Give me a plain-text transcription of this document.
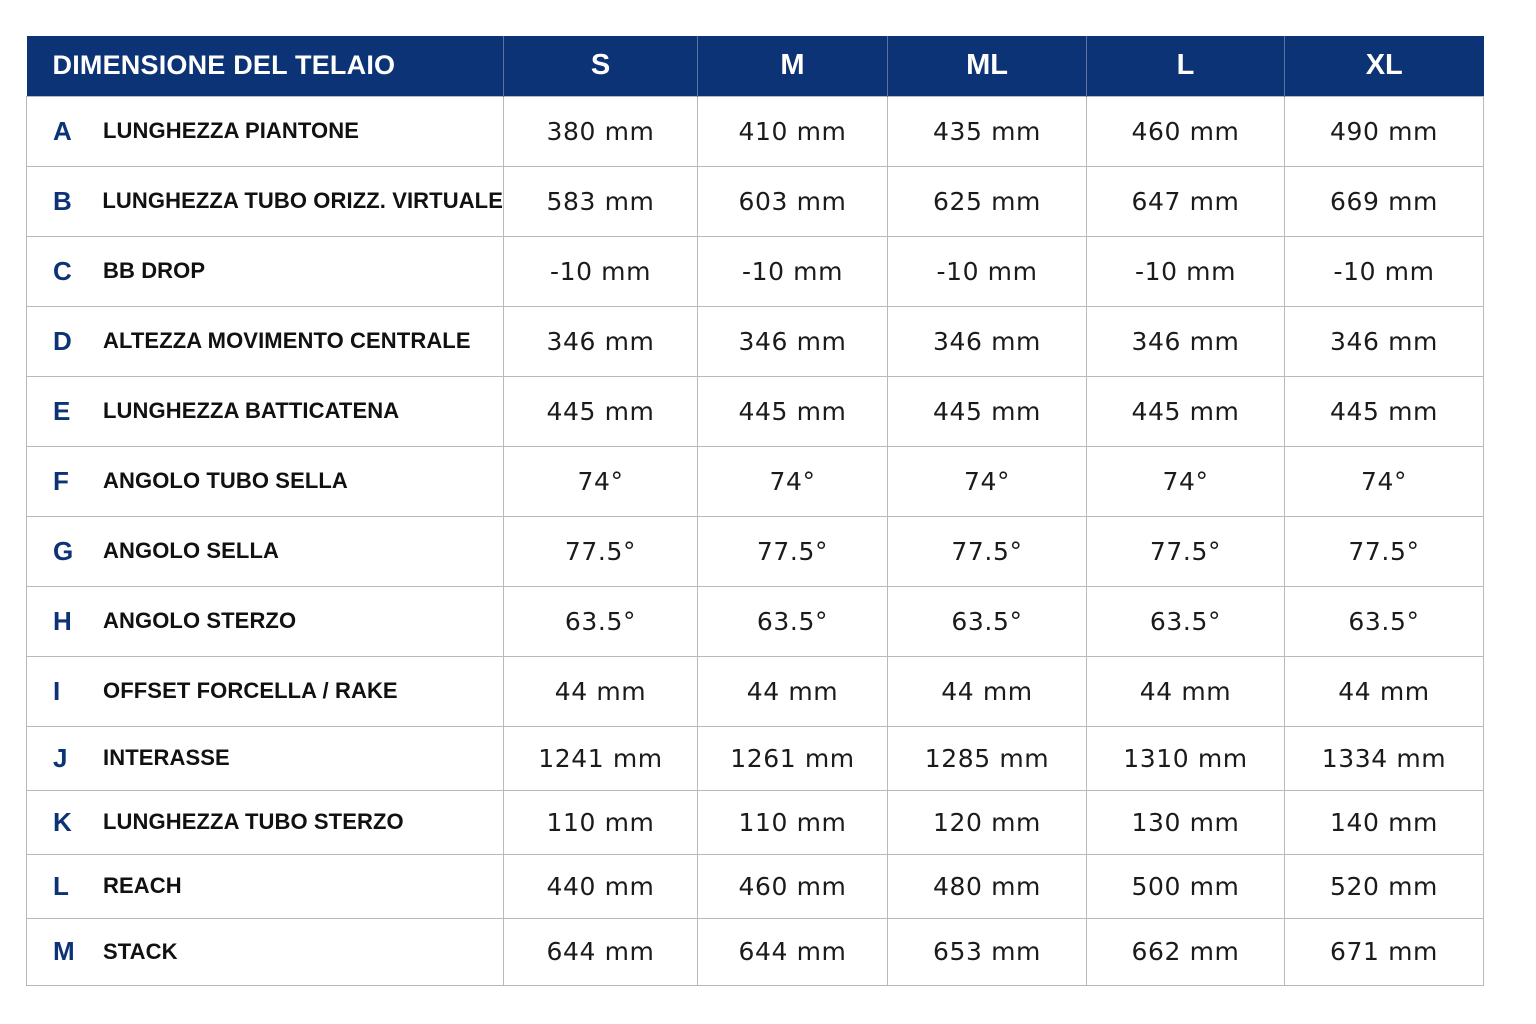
DIMENSIONE DEL TELAIO	S	M	ML	L	XL

A LUNGHEZZA PIANTONE	380 mm	410 mm	435 mm	460 mm	490 mm

B LUNGHEZZA TUBO ORIZZ. VIRTUALE	583 mm	603 mm	625 mm	647 mm	669 mm

C BB DROP	-10 mm	-10 mm	-10 mm	-10 mm	-10 mm

D ALTEZZA MOVIMENTO CENTRALE	346 mm	346 mm	346 mm	346 mm	346 mm

E LUNGHEZZA BATTICATENA	445 mm	445 mm	445 mm	445 mm	445 mm

F ANGOLO TUBO SELLA	74°	74°	74°	74°	74°

G ANGOLO SELLA	77.5°	77.5°	77.5°	77.5°	77.5°

H ANGOLO STERZO	63.5°	63.5°	63.5°	63.5°	63.5°

I OFFSET FORCELLA / RAKE	44 mm	44 mm	44 mm	44 mm	44 mm

J INTERASSE	1241 mm	1261 mm	1285 mm	1310 mm	1334 mm

K LUNGHEZZA TUBO STERZO	110 mm	110 mm	120 mm	130 mm	140 mm

L REACH	440 mm	460 mm	480 mm	500 mm	520 mm

M STACK	644 mm	644 mm	653 mm	662 mm	671 mm
